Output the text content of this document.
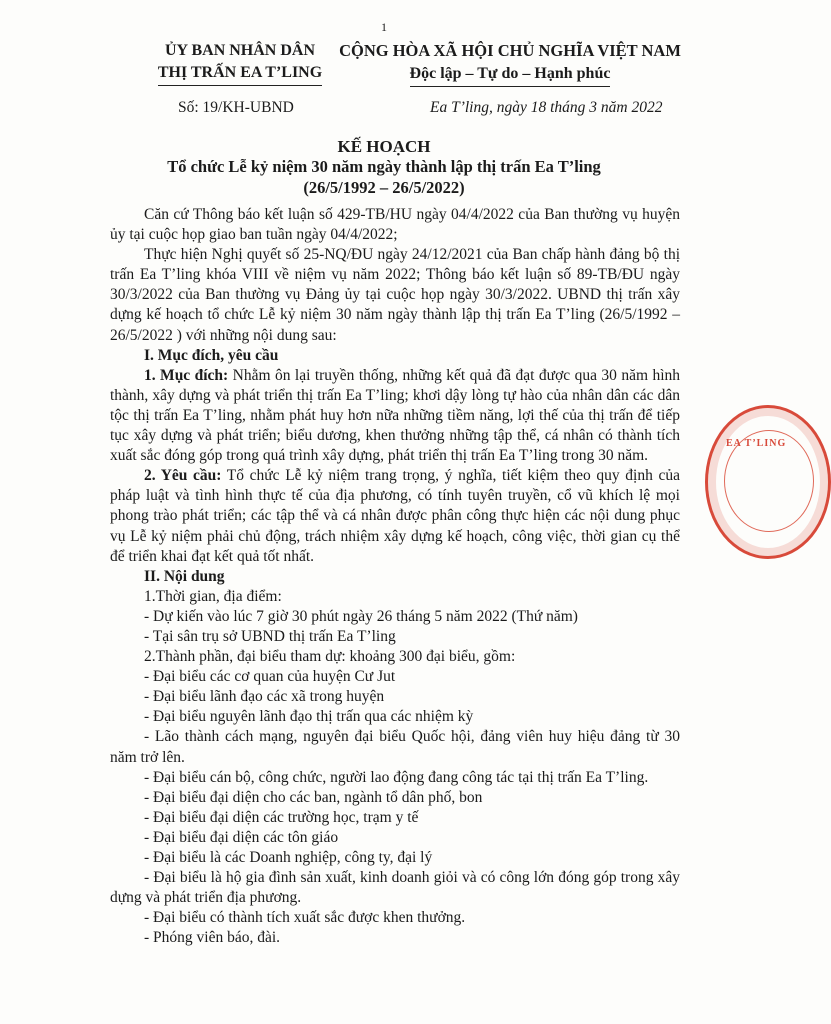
1
ỦY BAN NHÂN DÂN
THỊ TRẤN EA T’LING
CỘNG HÒA XÃ HỘI CHỦ NGHĨA VIỆT NAM
Độc lập – Tự do – Hạnh phúc
Số: 19/KH-UBND	Ea T’ling, ngày 18 tháng 3 năm 2022
KẾ HOẠCH
Tổ chức Lễ kỷ niệm 30 năm ngày thành lập thị trấn Ea T’ling
(26/5/1992 – 26/5/2022)

Căn cứ Thông báo kết luận số 429-TB/HU ngày 04/4/2022 của Ban thường vụ huyện ủy tại cuộc họp giao ban tuần ngày 04/4/2022;

Thực hiện Nghị quyết số 25-NQ/ĐU ngày 24/12/2021 của Ban chấp hành đảng bộ thị trấn Ea T’ling khóa VIII về niệm vụ năm 2022; Thông báo kết luận số 89-TB/ĐU ngày 30/3/2022 của Ban thường vụ Đảng ủy tại cuộc họp ngày 30/3/2022. UBND thị trấn xây dựng kế hoạch tổ chức Lễ kỷ niệm 30 năm ngày thành lập thị trấn Ea T’ling (26/5/1992 – 26/5/2022 ) với những nội dung sau:

I. Mục đích, yêu cầu

1. Mục đích: Nhằm ôn lại truyền thống, những kết quả đã đạt được qua 30 năm hình thành, xây dựng và phát triển thị trấn Ea T’ling; khơi dậy lòng tự hào của nhân dân các dân tộc thị trấn Ea T’ling, nhằm phát huy hơn nữa những tiềm năng, lợi thế của thị trấn để tiếp tục xây dựng và phát triển; biểu dương, khen thưởng những tập thể, cá nhân có thành tích xuất sắc đóng góp trong quá trình xây dựng, phát triển thị trấn Ea T’ling trong 30 năm.

2. Yêu cầu: Tổ chức Lễ kỷ niệm trang trọng, ý nghĩa, tiết kiệm theo quy định của pháp luật và tình hình thực tế của địa phương, có tính tuyên truyền, cổ vũ khích lệ mọi phong trào phát triển; các tập thể và cá nhân được phân công thực hiện các nội dung phục vụ Lễ kỷ niệm phải chủ động, trách nhiệm xây dựng kế hoạch, công việc, thời gian cụ thể để triển khai đạt kết quả tốt nhất.

II. Nội dung

1.Thời gian, địa điểm:

- Dự kiến vào lúc 7 giờ 30 phút ngày 26 tháng 5 năm 2022 (Thứ năm)

- Tại sân trụ sở UBND thị trấn Ea T’ling

2.Thành phần, đại biểu tham dự: khoảng 300 đại biểu, gồm:

- Đại biểu các cơ quan của huyện Cư Jut

- Đại biểu lãnh đạo các xã trong huyện

- Đại biểu nguyên lãnh đạo thị trấn qua các nhiệm kỳ

- Lão thành cách mạng, nguyên đại biểu Quốc hội, đảng viên huy hiệu đảng từ 30 năm trở lên.

- Đại biểu cán bộ, công chức, người lao động đang công tác tại thị trấn Ea T’ling.

- Đại biểu đại diện cho các ban, ngành tổ dân phố, bon

- Đại biểu đại diện các trường học, trạm y tế

- Đại biểu đại diện các tôn giáo

- Đại biểu là các Doanh nghiệp, công ty, đại lý

- Đại biểu là hộ gia đình sản xuất, kinh doanh giỏi và có công lớn đóng góp trong xây dựng và phát triển địa phương.

- Đại biểu có thành tích xuất sắc được khen thưởng.

- Phóng viên báo, đài.

EA T’LING
